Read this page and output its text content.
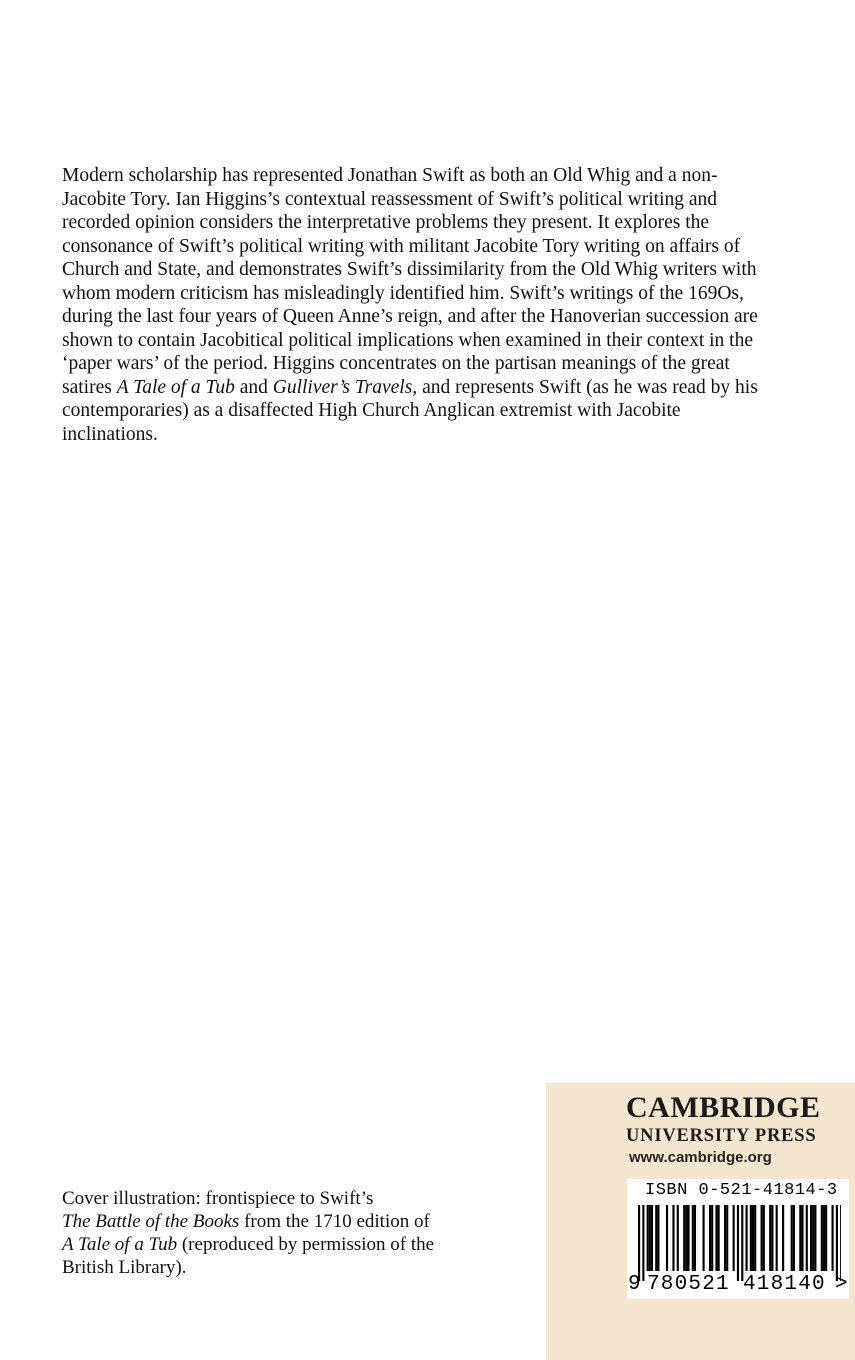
Modern scholarship has represented Jonathan Swift as both an Old Whig and a non-
Jacobite Tory. Ian Higgins’s contextual reassessment of Swift’s political writing and
recorded opinion considers the interpretative problems they present. It explores the
consonance of Swift’s political writing with militant Jacobite Tory writing on affairs of
Church and State, and demonstrates Swift’s dissimilarity from the Old Whig writers with
whom modern criticism has misleadingly identified him. Swift’s writings of the 169Os,
during the last four years of Queen Anne’s reign, and after the Hanoverian succession are
shown to contain Jacobitical political implications when examined in their context in the
‘paper wars’ of the period. Higgins concentrates on the partisan meanings of the great
satires A Tale of a Tub and Gulliver’s Travels, and represents Swift (as he was read by his
contemporaries) as a disaffected High Church Anglican extremist with Jacobite
inclinations.
Cover illustration: frontispiece to Swift’s
The Battle of the Books from the 1710 edition of
A Tale of a Tub (reproduced by permission of the
British Library).
CAMBRIDGE
UNIVERSITY PRESS
www.cambridge.org
ISBN 0-521-41814-3
9 780521 418140 >
